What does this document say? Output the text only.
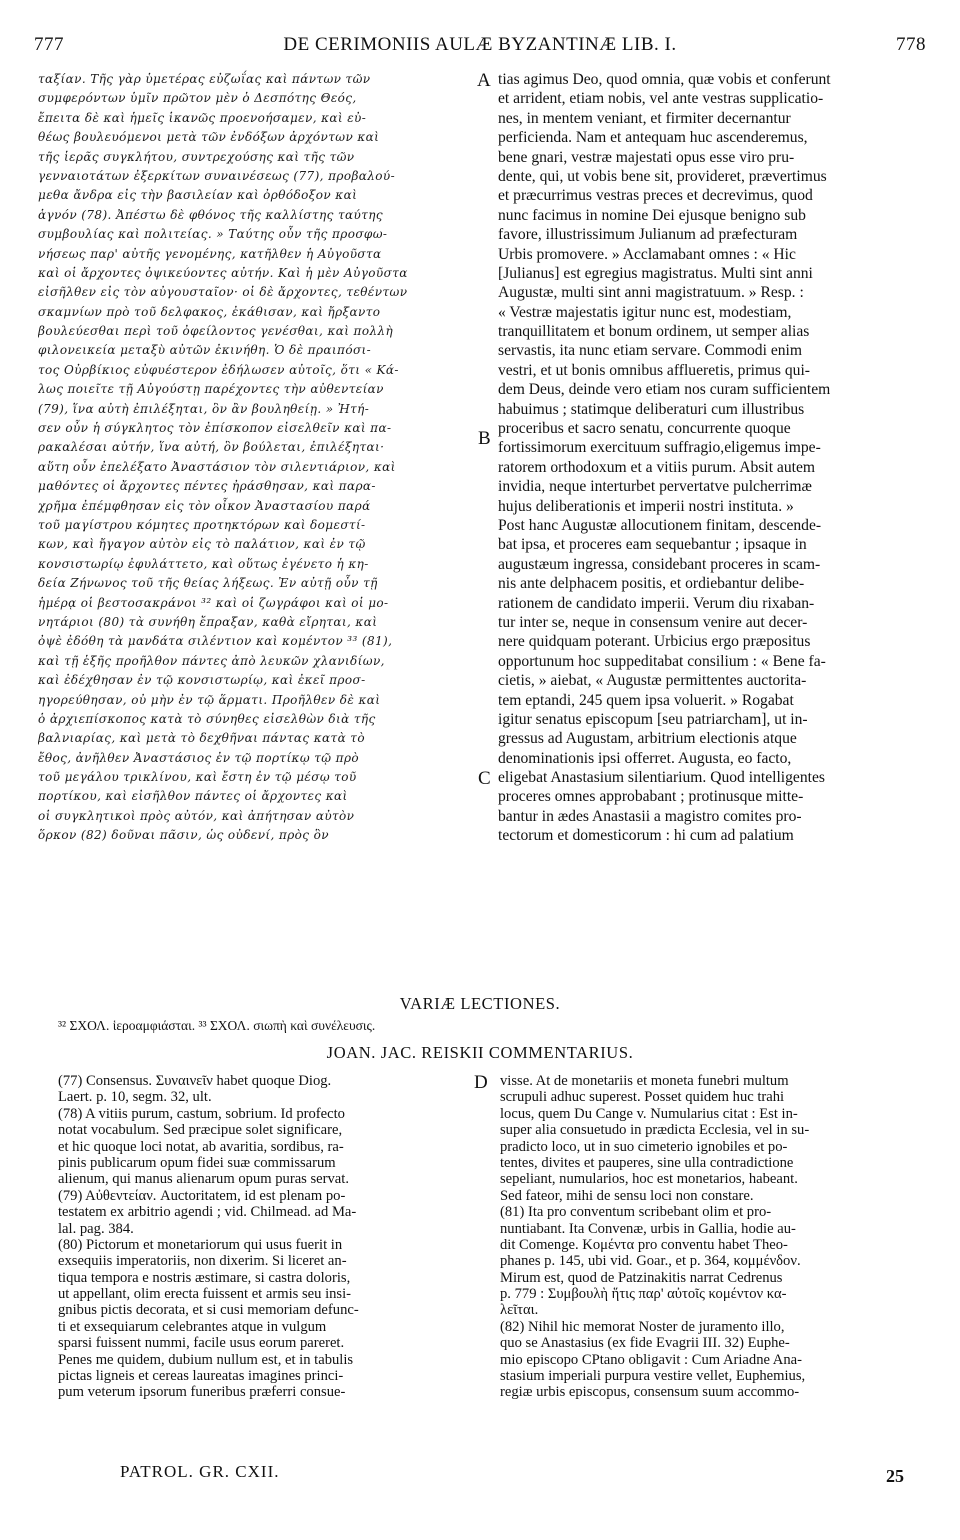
777	DE CERIMONIIS AULÆ BYZANTINÆ LIB. I.	778
ταξίαν. Τῆς γὰρ ὑμετέρας εὐζωΐας καὶ πάντων τῶν
συμφερόντων ὑμῖν πρῶτον μὲν ὁ Δεσπότης Θεός,
ἔπειτα δὲ καὶ ἡμεῖς ἱκανῶς προενοήσαμεν, καὶ εὐ-
θέως βουλευόμενοι μετὰ τῶν ἐνδόξων ἀρχόντων καὶ
τῆς ἱερᾶς συγκλήτου, συντρεχούσης καὶ τῆς τῶν
γενναιοτάτων ἐξερκίτων συναινέσεως (77), προβαλού-
μεθα ἄνδρα εἰς τὴν βασιλείαν καὶ ὀρθόδοξον καὶ
ἁγνόν (78). Ἀπέστω δὲ φθόνος τῆς καλλίστης ταύτης
συμβουλίας καὶ πολιτείας. » Ταύτης οὖν τῆς προσφω-
νήσεως παρ' αὐτῆς γενομένης, κατῆλθεν ἡ Αὐγοῦστα
καὶ οἱ ἄρχοντες ὀψικεύοντες αὐτήν. Καὶ ἡ μὲν Αὐγοῦστα
εἰσῆλθεν εἰς τὸν αὐγουσταῖον· οἱ δὲ ἄρχοντες, τεθέντων
σκαμνίων πρὸ τοῦ δελφακος, ἐκάθισαν, καὶ ἤρξαντο
βουλεύεσθαι περὶ τοῦ ὀφείλοντος γενέσθαι, καὶ πολλὴ
φιλονεικεία μεταξὺ αὐτῶν ἐκινήθη. Ὁ δὲ πραιπόσι-
τος Οὐρβίκιος εὐφυέστερον ἐδήλωσεν αὐτοῖς, ὅτι « Κά-
λως ποιεῖτε τῇ Αὐγούστῃ παρέχοντες τὴν αὐθεντείαν
(79), ἵνα αὐτὴ ἐπιλέξηται, ὃν ἂν βουληθείῃ. » Ἠτή-
σεν οὖν ἡ σύγκλητος τὸν ἐπίσκοπον εἰσελθεῖν καὶ πα-
ρακαλέσαι αὐτήν, ἵνα αὐτή, ὃν βούλεται, ἐπιλέξηται·
αὕτη οὖν ἐπελέξατο Ἀναστάσιον τὸν σιλεντιάριον, καὶ
μαθόντες οἱ ἄρχοντες πέντες ἠράσθησαν, καὶ παρα-
χρῆμα ἐπέμφθησαν εἰς τὸν οἶκον Ἀναστασίου παρά
τοῦ μαγίστρου κόμητες προτηκτόρων καὶ δομεστί-
κων, καὶ ἤγαγον αὐτὸν εἰς τὸ παλάτιον, καὶ ἐν τῷ
κονσιστωρίῳ ἐφυλάττετο, καὶ οὕτως ἐγένετο ἡ κη-
δεία Ζήνωνος τοῦ τῆς θείας λήξεως. Ἐν αὐτῇ οὖν τῇ
ἡμέρᾳ οἱ βεστοσακράνοι ³² καὶ οἱ ζωγράφοι καὶ οἱ μο-
νητάριοι (80) τὰ συνήθη ἔπραξαν, καθὰ εἴρηται, καὶ
ὀψὲ ἐδόθη τὰ μανδάτα σιλέντιον καὶ κομέντον ³³ (81),
καὶ τῇ ἑξῆς προῆλθον πάντες ἀπὸ λευκῶν χλανιδίων,
καὶ ἐδέχθησαν ἐν τῷ κονσιστωρίῳ, καὶ ἐκεῖ προσ-
ηγορεύθησαν, οὐ μὴν ἐν τῷ ἅρματι. Προῆλθεν δὲ καὶ
ὁ ἀρχιεπίσκοπος κατὰ τὸ σύνηθες εἰσελθὼν διὰ τῆς
βαλνιαρίας, καὶ μετὰ τὸ δεχθῆναι πάντας κατὰ τὸ
ἔθος, ἀνῆλθεν Ἀναστάσιος ἐν τῷ πορτίκῳ τῷ πρὸ
τοῦ μεγάλου τρικλίνου, καὶ ἔστη ἐν τῷ μέσῳ τοῦ
πορτίκου, καὶ εἰσῆλθον πάντες οἱ ἄρχοντες καὶ
οἱ συγκλητικοὶ πρὸς αὐτόν, καὶ ἀπήτησαν αὐτὸν
ὅρκον (82) δοῦναι πᾶσιν, ὡς οὐδενί, πρὸς ὃν
tias agimus Deo, quod omnia, quæ vobis et conferunt
et arrident, etiam nobis, vel ante vestras supplicatio-
nes, in mentem veniant, et firmiter decernantur
perficienda. Nam et antequam huc ascenderemus,
bene gnari, vestræ majestati opus esse viro pru-
dente, qui, ut vobis bene sit, provideret, prævertimus
et præcurrimus vestras preces et decrevimus, quod
nunc facimus in nomine Dei ejusque benigno sub
favore, illustrissimum Julianum ad præfecturam
Urbis promovere. » Acclamabant omnes : « Hic
[Julianus] est egregius magistratus. Multi sint anni
Augustæ, multi sint anni magistratuum. » Resp. :
« Vestræ majestatis igitur nunc est, modestiam,
tranquillitatem et bonum ordinem, ut semper alias
servastis, ita nunc etiam servare. Commodi enim
vestri, et ut bonis omnibus afflueretis, primus qui-
dem Deus, deinde vero etiam nos curam sufficientem
habuimus ; statimque deliberaturi cum illustribus
proceribus et sacro senatu, concurrente quoque
fortissimorum exercituum suffragio,eligemus impe-
ratorem orthodoxum et a vitiis purum. Absit autem
invidia, neque interturbet pervertatve pulcherrimæ
hujus deliberationis et imperii nostri instituta. »
Post hanc Augustæ allocutionem finitam, descende-
bat ipsa, et proceres eam sequebantur ; ipsaque in
augustæum ingressa, considebant proceres in scam-
nis ante delphacem positis, et ordiebantur delibe-
rationem de candidato imperii. Verum diu rixaban-
tur inter se, neque in consensum venire aut decer-
nere quidquam poterant. Urbicius ergo præpositus
opportunum hoc suppeditabat consilium : « Bene fa-
cietis, » aiebat, « Augustæ permittentes auctorita-
tem eptandi, 245 quem ipsa voluerit. » Rogabat
igitur senatus episcopum [seu patriarcham], ut in-
gressus ad Augustam, arbitrium electionis atque
denominationis ipsi offerret. Augusta, eo facto,
eligebat Anastasium silentiarium. Quod intelligentes
proceres omnes approbabant ; protinusque mitte-
bantur in ædes Anastasii a magistro comites pro-
tectorum et domesticorum : hi cum ad palatium
A
B
C
D
VARIÆ LECTIONES.
³² ΣΧΟΛ. ἱεροαμφιάσται. ³³ ΣΧΟΛ. σιωπὴ καὶ συνέλευσις.
JOAN. JAC. REISKII COMMENTARIUS.
(77) Consensus. Συναινεῖν habet quoque Diog.
Laert. p. 10, segm. 32, ult.
(78) A vitiis purum, castum, sobrium. Id profecto
notat vocabulum. Sed præcipue solet significare,
et hic quoque loci notat, ab avaritia, sordibus, ra-
pinis publicarum opum fidei suæ commissarum
alienum, qui manus alienarum opum puras servat.
(79) Αὐθεντείαν. Auctoritatem, id est plenam po-
testatem ex arbitrio agendi ; vid. Chilmead. ad Ma-
lal. pag. 384.
(80) Pictorum et monetariorum qui usus fuerit in
exsequiis imperatoriis, non dixerim. Si liceret an-
tiqua tempora e nostris æstimare, si castra doloris,
ut appellant, olim erecta fuissent et armis seu insi-
gnibus pictis decorata, et si cusi memoriam defunc-
ti et exsequiarum celebrantes atque in vulgum
sparsi fuissent nummi, facile usus eorum pareret.
Penes me quidem, dubium nullum est, et in tabulis
pictas ligneis et cereas laureatas imagines princi-
pum veterum ipsorum funeribus præferri consue-
visse. At de monetariis et moneta funebri multum
scrupuli adhuc superest. Posset quidem huc trahi
locus, quem Du Cange v. Numularius citat : Est in-
super alia consuetudo in prædicta Ecclesia, vel in su-
pradicto loco, ut in suo cimeterio ignobiles et po-
tentes, divites et pauperes, sine ulla contradictione
sepeliant, numularios, hoc est monetarios, habeant.
Sed fateor, mihi de sensu loci non constare.
(81) Ita pro conventum scribebant olim et pro-
nuntiabant. Ita Convenæ, urbis in Gallia, hodie au-
dit Comenge. Κομέντα pro conventu habet Theo-
phanes p. 145, ubi vid. Goar., et p. 364, κομμένδον.
Mirum est, quod de Patzinakitis narrat Cedrenus
p. 779 : Συμβουλὴ ἥτις παρ' αὐτοῖς κομέντον κα-
λεῖται.
(82) Nihil hic memorat Noster de juramento illo,
quo se Anastasius (ex fide Evagrii III. 32) Euphe-
mio episcopo CPtano obligavit : Cum Ariadne Ana-
stasium imperiali purpura vestire vellet, Euphemius,
regiæ urbis episcopus, consensum suum accommo-
PATROL. GR. CXII.	25
